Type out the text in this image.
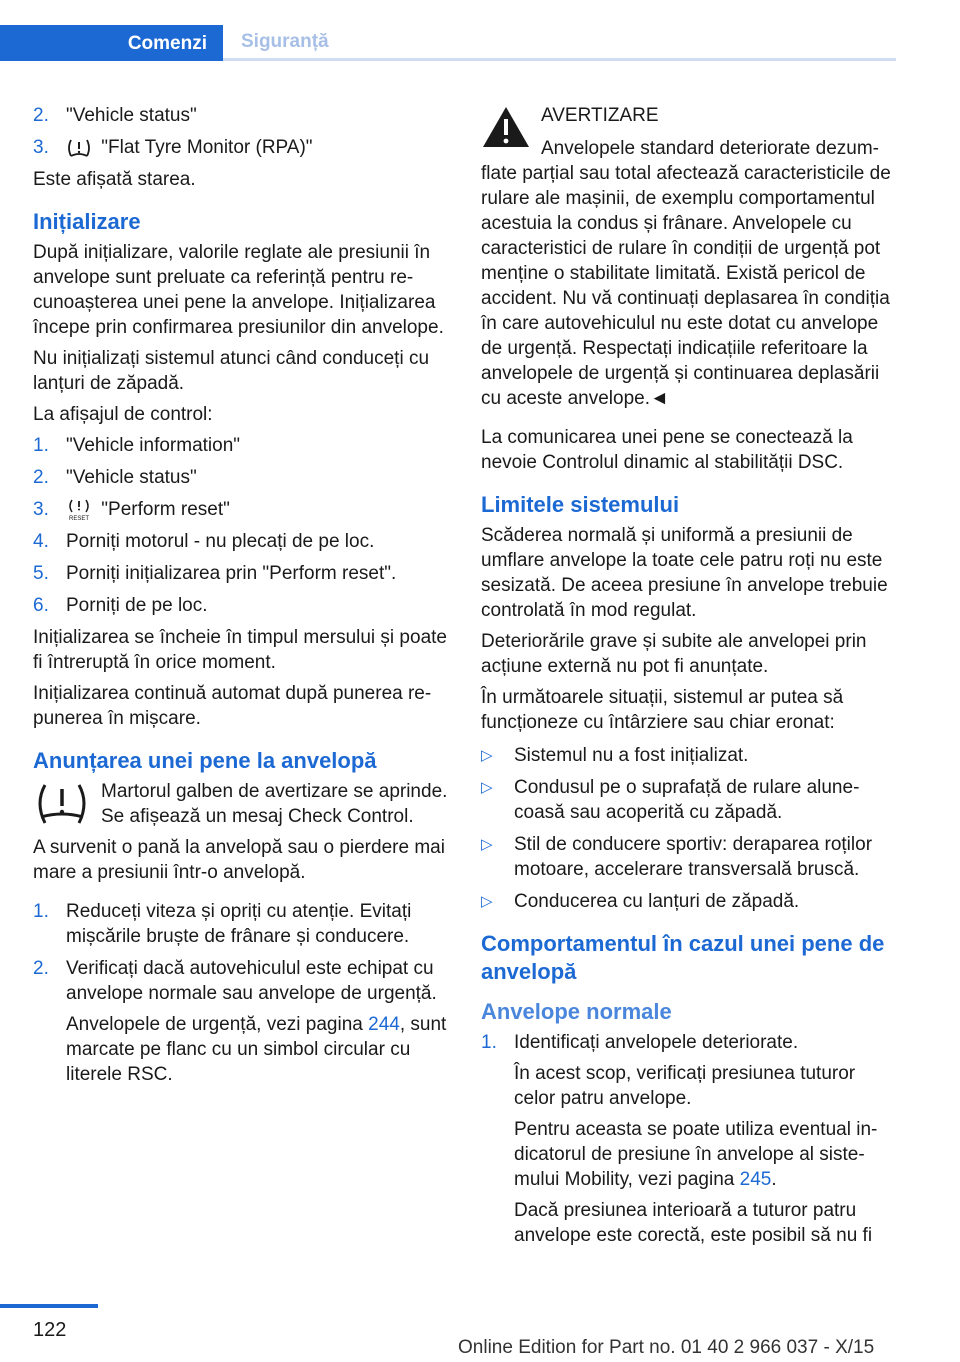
Comenzi	Siguranță
2. "Vehicle status"
3.	"Flat Tyre Monitor (RPA)"

Este afișată starea.

Inițializare

După inițializare, valorile reglate ale presiunii în anvelope sunt preluate ca referință pentru recunoașterea unei pene la anvelope. Inițializarea începe prin confirmarea presiunilor din anvelope.

Nu inițializați sistemul atunci când conduceți cu lanțuri de zăpadă.

La afișajul de control:

1. "Vehicle information"
2. "Vehicle status"
3.	RESET "Perform reset"
4. Porniți motorul - nu plecați de pe loc.
5. Porniți inițializarea prin "Perform reset".
6. Porniți de pe loc.

Inițializarea se încheie în timpul mersului și poate fi întreruptă în orice moment.

Inițializarea continuă automat după punerea repunerea în mișcare.

Anunțarea unei pene la anvelopă

Martorul galben de avertizare se aprinde. Se afișează un mesaj Check Control.

A survenit o pană la anvelopă sau o pierdere mai mare a presiunii într-o anvelopă.

1. Reduceți viteza și opriți cu atenție. Evitați mișcările bruște de frânare și conducere.
2. Verificați dacă autovehiculul este echipat cu anvelope normale sau anvelope de urgență.
Anvelopele de urgență, vezi pagina 244, sunt marcate pe flanc cu un simbol circular cu literele RSC.
AVERTIZARE

Anvelopele standard deteriorate dezumflate parțial sau total afectează caracteristicile de rulare ale mașinii, de exemplu comportamentul acestuia la condus și frânare. Anvelopele cu caracteristici de rulare în condiții de urgență pot menține o stabilitate limitată. Există pericol de accident. Nu vă continuați deplasarea în condiția în care autovehiculul nu este dotat cu anvelope de urgență. Respectați indicațiile referitoare la anvelopele de urgență și continuarea deplasării cu aceste anvelope.◄

La comunicarea unei pene se conectează la nevoie Controlul dinamic al stabilității DSC.

Limitele sistemului

Scăderea normală și uniformă a presiunii de umflare anvelope la toate cele patru roți nu este sesizată. De aceea presiune în anvelope trebuie controlată în mod regulat.

Deteriorările grave și subite ale anvelopei prin acțiune externă nu pot fi anunțate.

În următoarele situații, sistemul ar putea să funcționeze cu întârziere sau chiar eronat:

▷ Sistemul nu a fost inițializat.
▷ Condusul pe o suprafață de rulare alunecoasă sau acoperită cu zăpadă.
▷ Stil de conducere sportiv: deraparea roților motoare, accelerare transversală bruscă.
▷ Conducerea cu lanțuri de zăpadă.
Comportamentul în cazul unei pene de anvelopă
Anvelope normale
1. Identificați anvelopele deteriorate.
În acest scop, verificați presiunea tuturor celor patru anvelope.
Pentru aceasta se poate utiliza eventual indicatorul de presiune în anvelope al sistemului Mobility, vezi pagina 245.
Dacă presiunea interioară a tuturor patru anvelope este corectă, este posibil să nu fi
122
Online Edition for Part no. 01 40 2 966 037 - X/15
